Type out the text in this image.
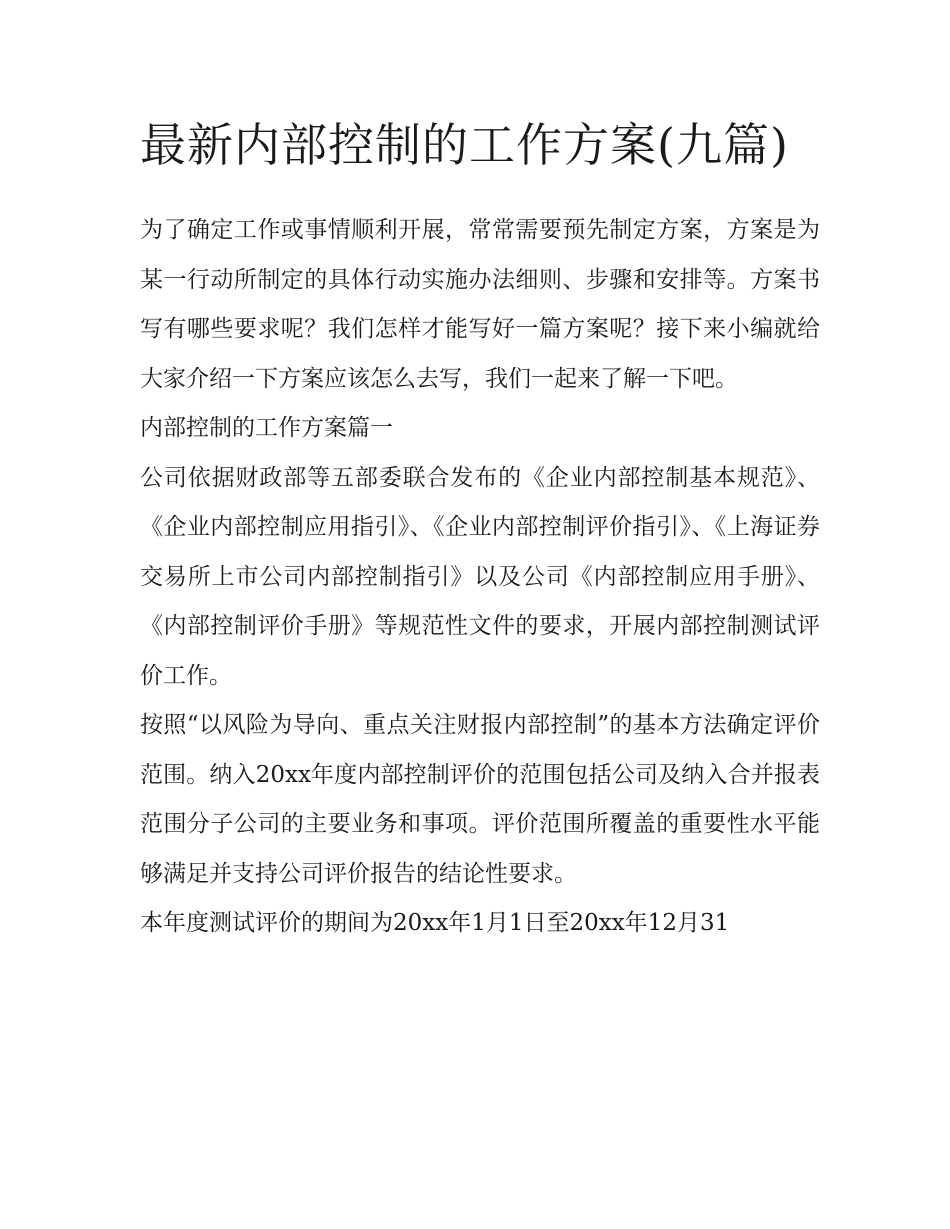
最新内部控制的工作方案(九篇)

为了确定工作或事情顺利开展，常常需要预先制定方案，方案是为某一行动所制定的具体行动实施办法细则、步骤和安排等。方案书写有哪些要求呢？我们怎样才能写好一篇方案呢？接下来小编就给大家介绍一下方案应该怎么去写，我们一起来了解一下吧。

内部控制的工作方案篇一

公司依据财政部等五部委联合发布的《企业内部控制基本规范》、《企业内部控制应用指引》、《企业内部控制评价指引》、《上海证券交易所上市公司内部控制指引》以及公司《内部控制应用手册》、《内部控制评价手册》等规范性文件的要求，开展内部控制测试评价工作。

按照“以风险为导向、重点关注财报内部控制”的基本方法确定评价范围。纳入20xx年度内部控制评价的范围包括公司及纳入合并报表范围分子公司的主要业务和事项。评价范围所覆盖的重要性水平能够满足并支持公司评价报告的结论性要求。

本年度测试评价的期间为20xx年1月1日至20xx年12月31
